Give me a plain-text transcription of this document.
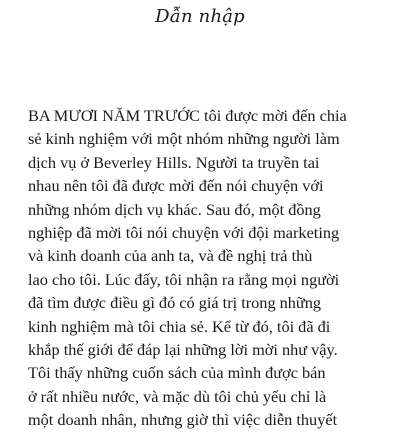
Dẫn nhập
BA MƯƠI NĂM TRƯỚC tôi được mời đến chia
sẻ kinh nghiệm với một nhóm những người làm
dịch vụ ở Beverley Hills. Người ta truyền tai
nhau nên tôi đã được mời đến nói chuyện với
những nhóm dịch vụ khác. Sau đó, một đồng
nghiệp đã mời tôi nói chuyện với đội marketing
và kinh doanh của anh ta, và đề nghị trả thù
lao cho tôi. Lúc đấy, tôi nhận ra rằng mọi người
đã tìm được điều gì đó có giá trị trong những
kinh nghiệm mà tôi chia sẻ. Kể từ đó, tôi đã đi
khắp thế giới để đáp lại những lời mời như vậy.
Tôi thấy những cuốn sách của mình được bán
ở rất nhiều nước, và mặc dù tôi chủ yếu chỉ là
một doanh nhân, nhưng giờ thì việc diễn thuyết
